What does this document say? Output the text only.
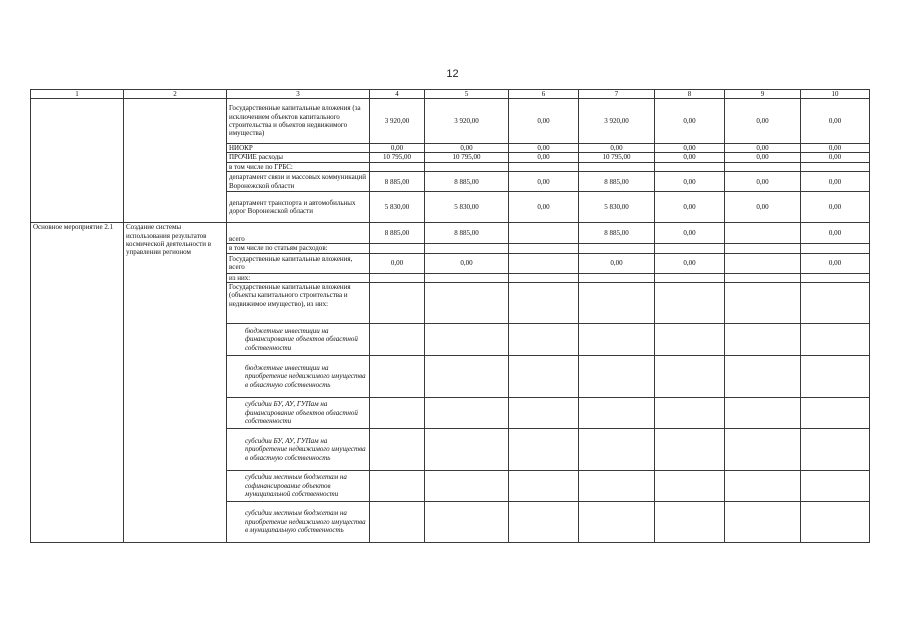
12
1	2	3	4	5	6	7	8	9	10
		Государственные капитальные вложения (за исключением объектов капитального строительства и объектов недвижимого имущества)	3 920,00	3 920,00	0,00	3 920,00	0,00	0,00	0,00
		НИОКР	0,00	0,00	0,00	0,00	0,00	0,00	0,00
		ПРОЧИЕ расходы	10 795,00	10 795,00	0,00	10 795,00	0,00	0,00	0,00
		в том числе по ГРБС:							
		департамент связи и массовых коммуникаций Воронежской области	8 885,00	8 885,00	0,00	8 885,00	0,00	0,00	0,00
		департамент транспорта и автомобильных дорог Воронежской области	5 830,00	5 830,00	0,00	5 830,00	0,00	0,00	0,00
Основное мероприятие 2.1	Создание системы использования результатов космической деятельности в управлении регионом	всего	8 885,00	8 885,00		8 885,00	0,00		0,00
		в том числе по статьям расходов:							
		Государственные капитальные вложения, всего	0,00	0,00		0,00	0,00		0,00
		из них:							
		Государственные капитальные вложения (объекты капитального строительства и недвижимое имущество), из них:							
		бюджетные инвестиции на финансирование объектов областной собственности							
		бюджетные инвестиции на приобретение недвижимого имущества в областную собственность							
		субсидии БУ, АУ, ГУПам на финансирование объектов областной собственности							
		субсидии БУ, АУ, ГУПам на приобретение недвижимого имущества в областную собственность							
		субсидии местным бюджетам на софинансирование объектов муниципальной собственности							
		субсидии местным бюджетам на приобретение недвижимого имущества в муниципальную собственность							
